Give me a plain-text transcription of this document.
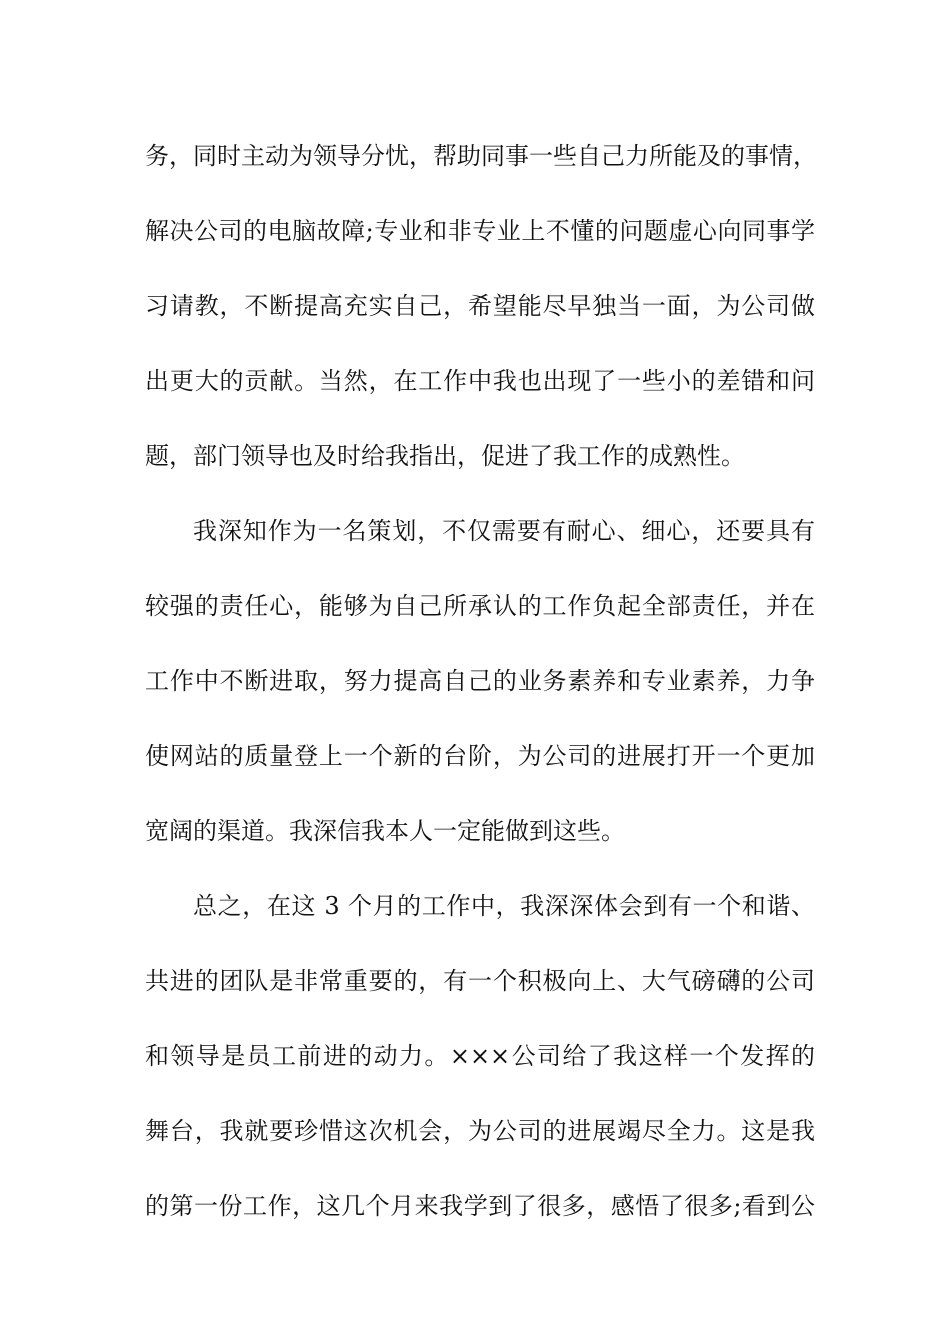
务，同时主动为领导分忧，帮助同事一些自己力所能及的事情，
解决公司的电脑故障;专业和非专业上不懂的问题虚心向同事学
习请教，不断提高充实自己，希望能尽早独当一面，为公司做
出更大的贡献。当然，在工作中我也出现了一些小的差错和问
题，部门领导也及时给我指出，促进了我工作的成熟性。
我深知作为一名策划，不仅需要有耐心、细心，还要具有
较强的责任心，能够为自己所承认的工作负起全部责任，并在
工作中不断进取，努力提高自己的业务素养和专业素养，力争
使网站的质量登上一个新的台阶，为公司的进展打开一个更加
宽阔的渠道。我深信我本人一定能做到这些。
总之，在这 3 个月的工作中，我深深体会到有一个和谐、
共进的团队是非常重要的，有一个积极向上、大气磅礴的公司
和领导是员工前进的动力。×××公司给了我这样一个发挥的
舞台，我就要珍惜这次机会，为公司的进展竭尽全力。这是我
的第一份工作，这几个月来我学到了很多，感悟了很多;看到公
